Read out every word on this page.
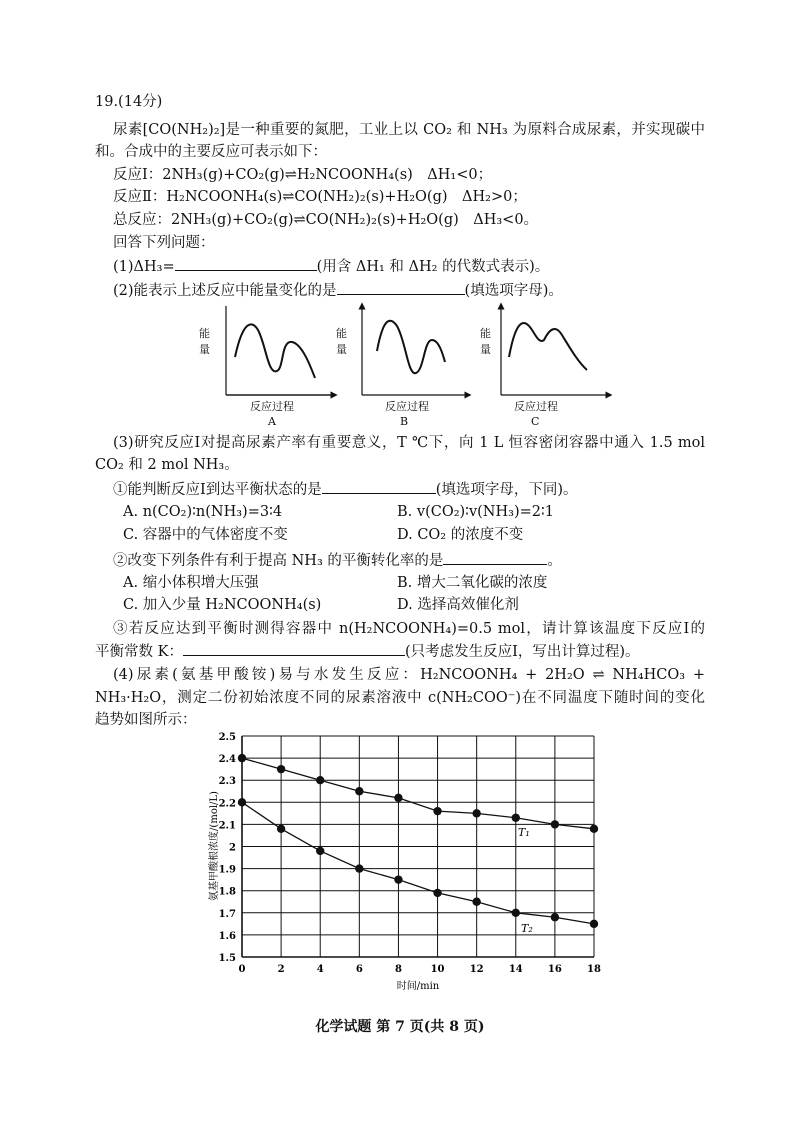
19.(14分)
尿素[CO(NH₂)₂]是一种重要的氮肥，工业上以 CO₂ 和 NH₃ 为原料合成尿素，并实现碳中
和。合成中的主要反应可表示如下：
反应Ⅰ：2NH₃(g)+CO₂(g)⇌H₂NCOONH₄(s)　ΔH₁<0；
反应Ⅱ：H₂NCOONH₄(s)⇌CO(NH₂)₂(s)+H₂O(g)　ΔH₂>0；
总反应：2NH₃(g)+CO₂(g)⇌CO(NH₂)₂(s)+H₂O(g)　ΔH₃<0。
回答下列问题：
(1)ΔH₃=	(用含 ΔH₁ 和 ΔH₂ 的代数式表示)。
(2)能表示上述反应中能量变化的是	(填选项字母)。
能量
能量
能量
反应过程	反应过程	反应过程
A	B	C
(3)研究反应Ⅰ对提高尿素产率有重要意义，T ℃下，向 1 L 恒容密闭容器中通入 1.5 mol
CO₂ 和 2 mol NH₃。
①能判断反应Ⅰ到达平衡状态的是	(填选项字母，下同)。
A. n(CO₂)∶n(NH₃)=3∶4	B. v(CO₂)∶v(NH₃)=2∶1
C. 容器中的气体密度不变	D. CO₂ 的浓度不变
②改变下列条件有利于提高 NH₃ 的平衡转化率的是	。
A. 缩小体积增大压强	B. 增大二氧化碳的浓度
C. 加入少量 H₂NCOONH₄(s)	D. 选择高效催化剂
③若反应达到平衡时测得容器中 n(H₂NCOONH₄)=0.5 mol，请计算该温度下反应Ⅰ的
平衡常数 K：	(只考虑发生反应Ⅰ，写出计算过程)。
(4)尿素(氨基甲酸铵)易与水发生反应：H₂NCOONH₄ + 2H₂O ⇌ NH₄HCO₃ +
NH₃·H₂O，测定二份初始浓度不同的尿素溶液中 c(NH₂COO⁻)在不同温度下随时间的变化
趋势如图所示：
1.5
1.6
1.7
1.8
1.9
2
2.1
2.2
2.3
2.4
2.5
0	2	4	6	8	10	12	14	16	18
时间/min
氨基甲酸根浓度/(mol/L)	T₁
T₂
化学试题 第 7 页(共 8 页)
